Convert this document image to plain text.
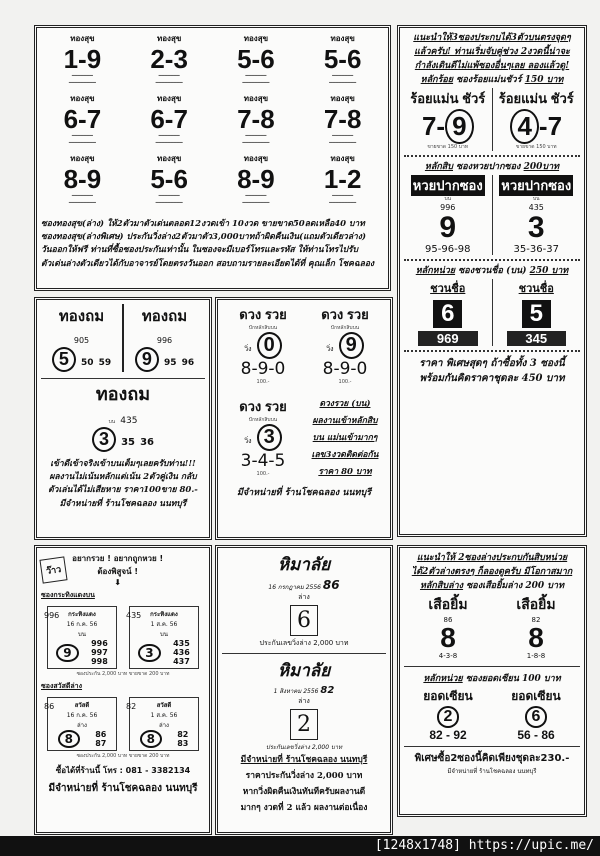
ทองสุข
1-9
━━━━━━━
━━━━━━━━━
ทองสุข
2-3
━━━━━━━
━━━━━━━━━
ทองสุข
5-6
━━━━━━━
━━━━━━━━━
ทองสุข
5-6
━━━━━━━
━━━━━━━━━
ทองสุข
6-7
━━━━━━━
━━━━━━━━━
ทองสุข
6-7
━━━━━━━
━━━━━━━━━
ทองสุข
7-8
━━━━━━━
━━━━━━━━━
ทองสุข
7-8
━━━━━━━
━━━━━━━━━
ทองสุข
8-9
━━━━━━━
━━━━━━━━━
ทองสุข
5-6
━━━━━━━
━━━━━━━━━
ทองสุข
8-9
━━━━━━━
━━━━━━━━━
ทองสุข
1-2
━━━━━━━
━━━━━━━━━
ซองทองสุข(ล่าง) ให้2ตัวมาตัวเด่นตลอด12งวดเข้า 10งวด ขายขาด50ลดเหลือ40 บาท
ซองทองสุข(ล่างพิเศษ) ประกันวิ่งล่าง2ตัวมาตัว3,000บาทถ้าผิดคืนเงิน(แถมตัวเดียวล่าง)
วันออกให้ฟรี ท่านที่ซื้อซองประกันเท่านั้น ในซองจะมีเบอร์โทรและรหัส ให้ท่านโทรไปรับ
ตัวเด่นล่างตัวเดียวได้กับอาจารย์โดยตรงวันออก สอบถามรายละเอียดได้ที่ คุณเล็ก โชคฉลอง
แนะนำให้3ซองประกบได้3ตัวบนตรงจุดๆ
แล้วครับ! ท่านเริ่มจับคู่ช่วง 2งวดนี้น่าจะ
กำลังเดินดีไม่แพ้ซองอื่นๆเลย ลองแล้วดู!
หลักร้อย ซองร้อยแม่นชัวร์ 150 บาท
ร้อยแม่น ชัวร์
7- 9
ขายขาด 150 บาท
ร้อยแม่น ชัวร์
4 -7
ขายขาด 150 บาท
หลักสิบ ซองหวยปากซอง 200บาท
หวยปากซอง
บน
996
9
95-96-98
หวยปากซอง
บน
435
3
35-36-37
หลักหน่วย ซองชวนชื่อ (บน) 250 บาท
ชวนชื่อ
6
969
ชวนชื่อ
5
345
ราคา พิเศษสุดๆ ถ้าซื้อทั้ง 3 ซองนี้
พร้อมกันคิดราคาชุดละ 450 บาท
ทองถม
905
5 50 59
ทองถม
996
9 95 96
ทองถม
บน 435
3 35 36
เข้าดีเข้าจริงเข้าบนเต็มๆเลยครับท่าน!!!
ผลงานไม่เน้นหลักแต่เน้น 2ตัวคู่เงิน กลับ
ตัวเล่นได้ไม่เสียหาย ราคา100ขาย 80.-
มีจำหน่ายที่ ร้านโชคฉลอง นนทบุรี
ดวง รวย
ปักหลักสิบบน
วิ่ง 0
8-9-0
100.-
ดวง รวย
ปักหลักสิบบน
วิ่ง 9
8-9-0
100.-
ดวง รวย
ปักหลักสิบบน
วิ่ง 3
3-4-5
100.-
ดวงรวย (บน)
ผลงานเข้าหลักสิบ
บน แม่นเข้ามากๆ
เลข3งวดติดต่อกัน
ราคา 80 บาท
มีจำหน่ายที่ ร้านโชคฉลอง นนทบุรี
ว๊าว
อยากรวย ! อยากถูกหวย !
ต้องพิสูจน์ !
⬇
ซองกระทิงแดงบน
996 กระทิงแดง
16 ก.ค. 56
บน
9
996
997
998
435 กระทิงแดง
1 ส.ค. 56
บน
3
435
436
437
ซองประกัน 2,000 บาท ขายขาด 200 บาท
ซองสวัสดีล่าง
86	สวัสดี
16 ก.ค. 56
ล่าง
8	86
87
82	สวัสดี
1 ส.ค. 56
ล่าง
8	82
83
ซองประกัน 2,000 บาท ขายขาด 200 บาท
ซื้อได้ที่ร้านนี้ โทร : 081 - 3382134
มีจำหน่ายที่ ร้านโชคฉลอง นนทบุรี
หิมาลัย
16 กรกฎาคม 2556 86
ล่าง
6
ประกันเลขวิ่งล่าง 2,000 บาท
หิมาลัย
1 สิงหาคม 2556 82
ล่าง
2
ประกันเลขวิ่งล่าง 2,000 บาท
มีจำหน่ายที่ ร้านโชคฉลอง นนทบุรี
ราคาประกันวิ่งล่าง 2,000 บาท
หากวิ่งผิดคืนเงินทันทีครับผลงานดี
มากๆ งวดที่ 2 แล้ว ผลงานต่อเนื่อง
แนะนำให้ 2ซองล่างประกบกันสิบหน่วย
ได้2ตัวล่างตรงๆ ก็ลองดูครับ มีโอกาสมาก
หลักสิบล่าง ซองเสือยิ้มล่าง 200 บาท
เสือยิ้ม
86
8
4-3-8
เสือยิ้ม
82
8
1-8-8
หลักหน่วย ซองยอดเซียน 100 บาท
ยอดเซียน
2
82 - 92
ยอดเซียน
6
56 - 86
พิเศษซื้อ2ซองนี้คิดเพียงชุดละ230.-
มีจำหน่ายที่ ร้านโชคฉลอง นนทบุรี
[1248x1748] https://upic.me/
